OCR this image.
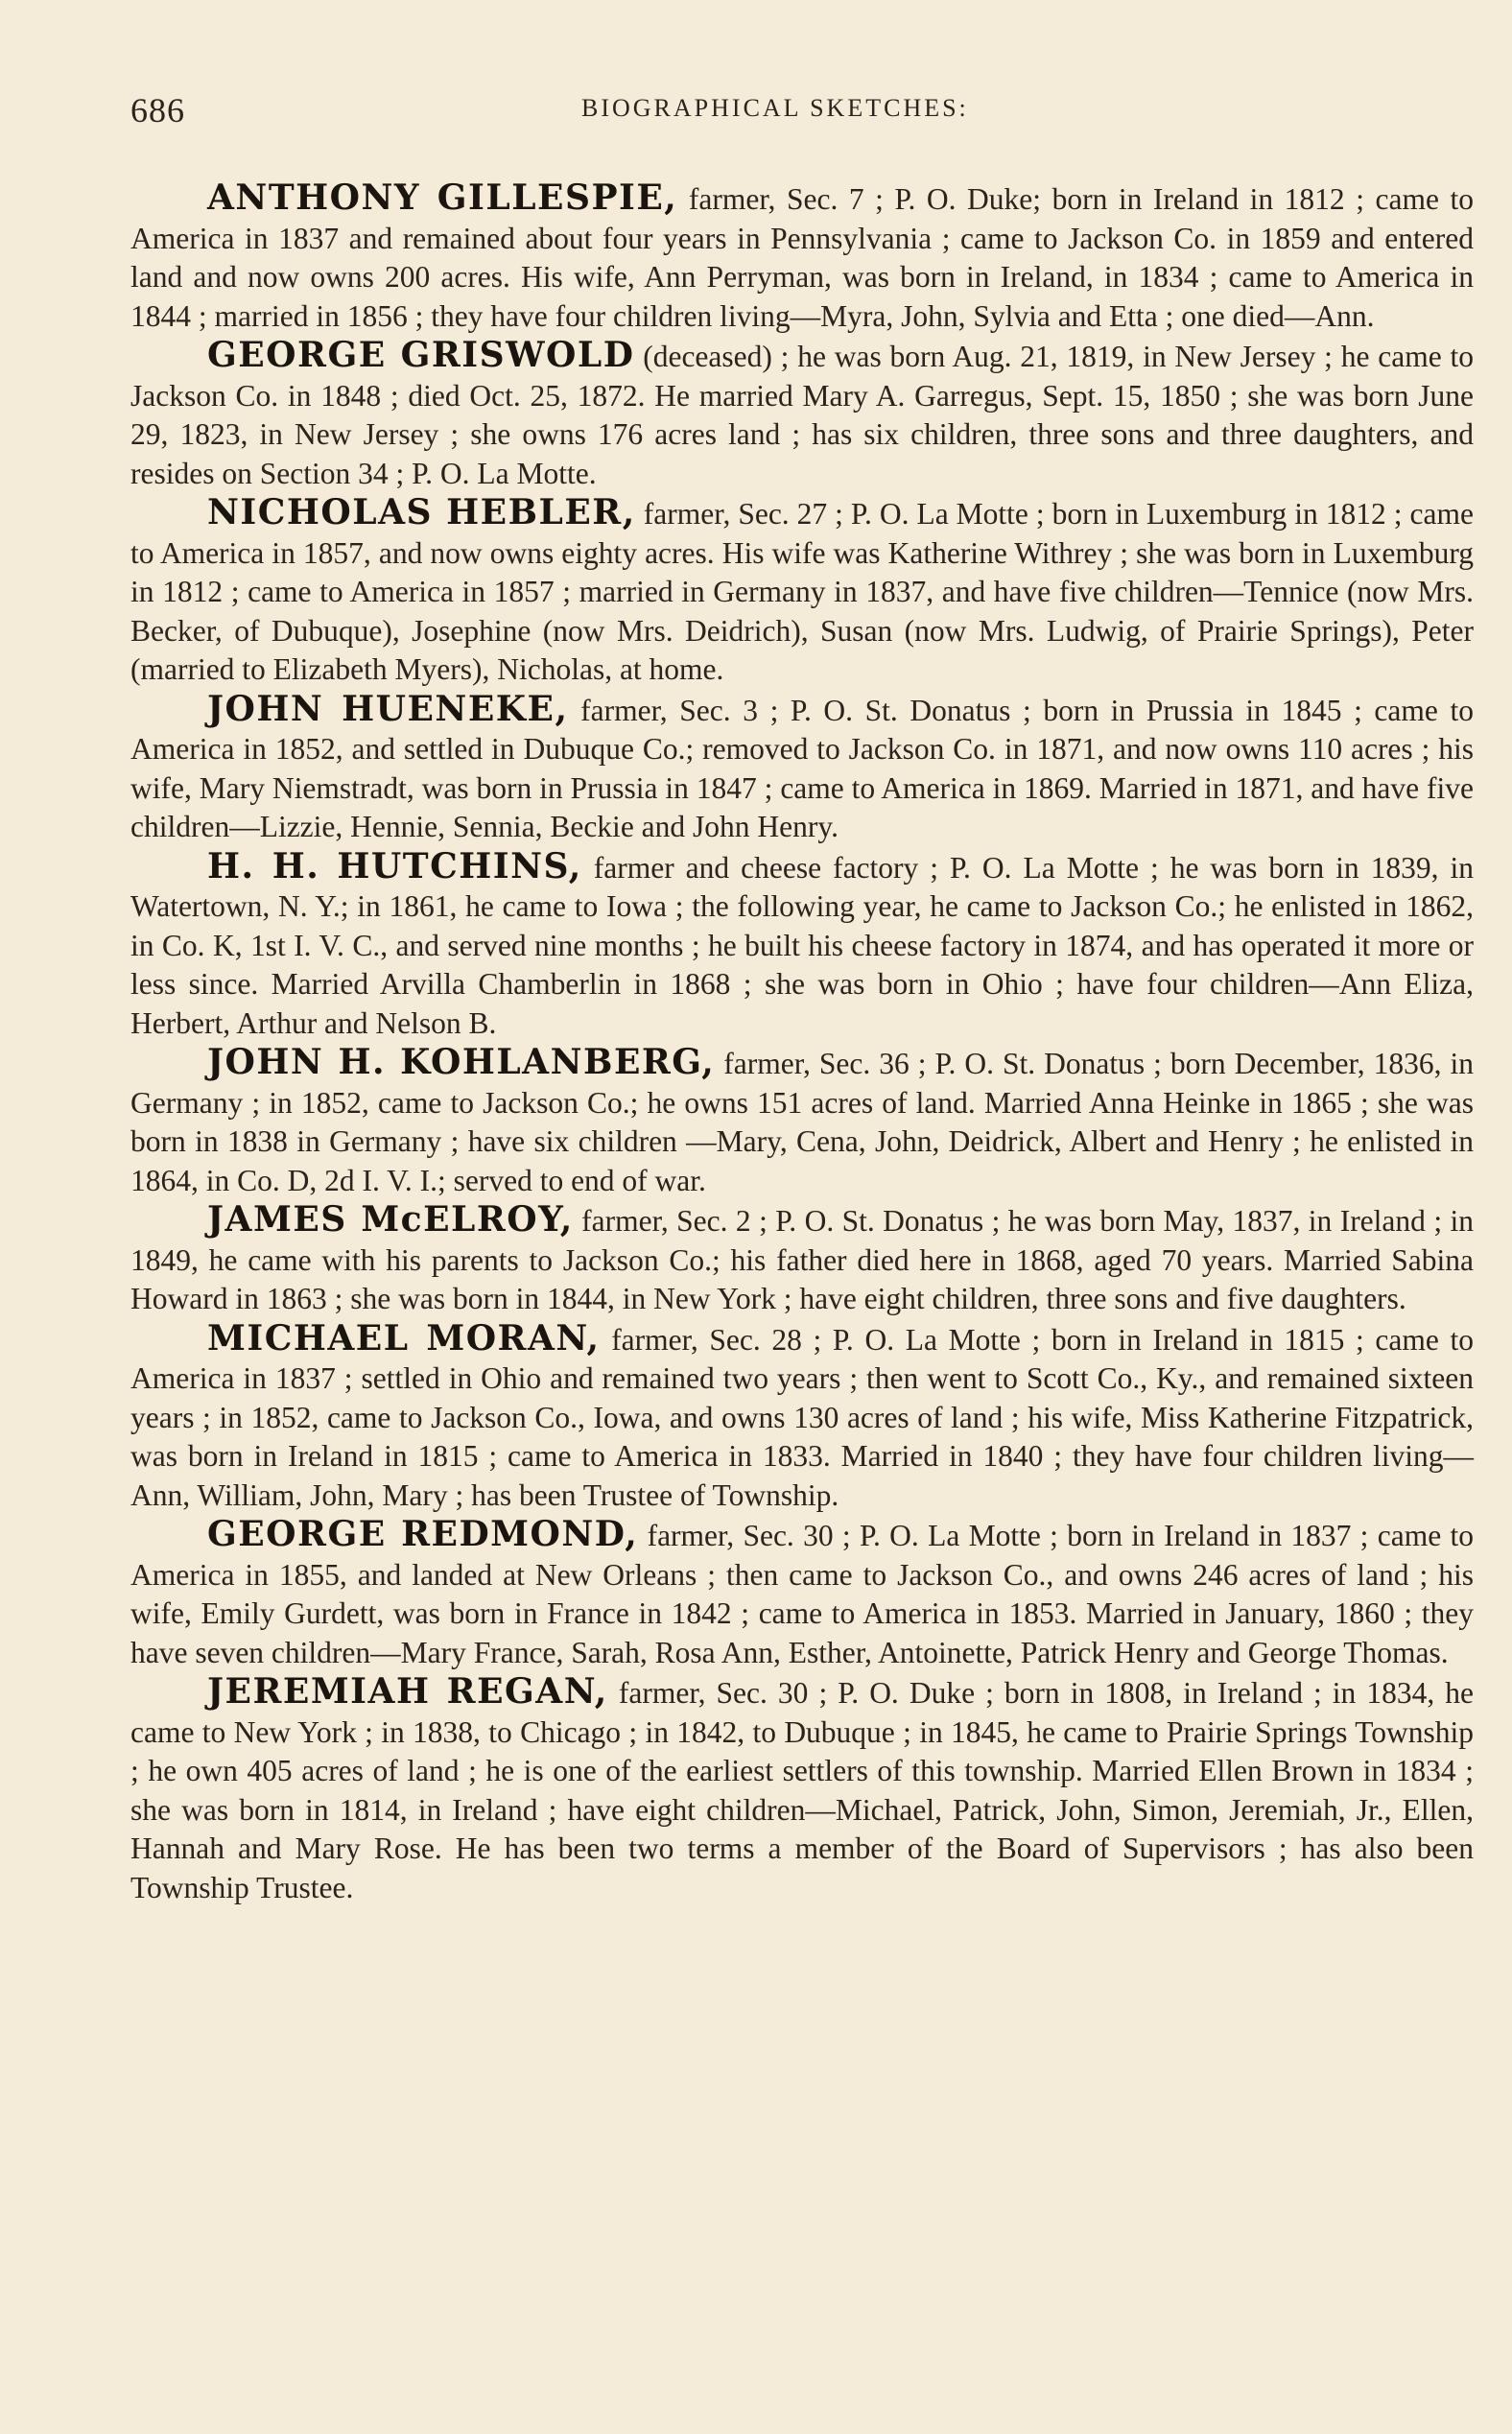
686	BIOGRAPHICAL SKETCHES:

ANTHONY GILLESPIE, farmer, Sec. 7 ; P. O. Duke; born in Ireland in 1812 ; came to America in 1837 and remained about four years in Pennsylvania ; came to Jackson Co. in 1859 and entered land and now owns 200 acres. His wife, Ann Perryman, was born in Ireland, in 1834 ; came to America in 1844 ; married in 1856 ; they have four children living—Myra, John, Sylvia and Etta ; one died—Ann.

GEORGE GRISWOLD (deceased) ; he was born Aug. 21, 1819, in New Jersey ; he came to Jackson Co. in 1848 ; died Oct. 25, 1872. He married Mary A. Garregus, Sept. 15, 1850 ; she was born June 29, 1823, in New Jersey ; she owns 176 acres land ; has six children, three sons and three daughters, and resides on Section 34 ; P. O. La Motte.

NICHOLAS HEBLER, farmer, Sec. 27 ; P. O. La Motte ; born in Luxemburg in 1812 ; came to America in 1857, and now owns eighty acres. His wife was Katherine Withrey ; she was born in Luxemburg in 1812 ; came to America in 1857 ; married in Germany in 1837, and have five children—Tennice (now Mrs. Becker, of Dubuque), Josephine (now Mrs. Deidrich), Susan (now Mrs. Ludwig, of Prairie Springs), Peter (married to Elizabeth Myers), Nicholas, at home.

JOHN HUENEKE, farmer, Sec. 3 ; P. O. St. Donatus ; born in Prussia in 1845 ; came to America in 1852, and settled in Dubuque Co.; removed to Jackson Co. in 1871, and now owns 110 acres ; his wife, Mary Niemstradt, was born in Prussia in 1847 ; came to America in 1869. Married in 1871, and have five children—Lizzie, Hennie, Sennia, Beckie and John Henry.

H. H. HUTCHINS, farmer and cheese factory ; P. O. La Motte ; he was born in 1839, in Watertown, N. Y.; in 1861, he came to Iowa ; the following year, he came to Jackson Co.; he enlisted in 1862, in Co. K, 1st I. V. C., and served nine months ; he built his cheese factory in 1874, and has operated it more or less since. Married Arvilla Chamberlin in 1868 ; she was born in Ohio ; have four children—Ann Eliza, Herbert, Arthur and Nelson B.

JOHN H. KOHLANBERG, farmer, Sec. 36 ; P. O. St. Donatus ; born December, 1836, in Germany ; in 1852, came to Jackson Co.; he owns 151 acres of land. Married Anna Heinke in 1865 ; she was born in 1838 in Germany ; have six children —Mary, Cena, John, Deidrick, Albert and Henry ; he enlisted in 1864, in Co. D, 2d I. V. I.; served to end of war.

JAMES McELROY, farmer, Sec. 2 ; P. O. St. Donatus ; he was born May, 1837, in Ireland ; in 1849, he came with his parents to Jackson Co.; his father died here in 1868, aged 70 years. Married Sabina Howard in 1863 ; she was born in 1844, in New York ; have eight children, three sons and five daughters.

MICHAEL MORAN, farmer, Sec. 28 ; P. O. La Motte ; born in Ireland in 1815 ; came to America in 1837 ; settled in Ohio and remained two years ; then went to Scott Co., Ky., and remained sixteen years ; in 1852, came to Jackson Co., Iowa, and owns 130 acres of land ; his wife, Miss Katherine Fitzpatrick, was born in Ireland in 1815 ; came to America in 1833. Married in 1840 ; they have four children living—Ann, William, John, Mary ; has been Trustee of Township.

GEORGE REDMOND, farmer, Sec. 30 ; P. O. La Motte ; born in Ireland in 1837 ; came to America in 1855, and landed at New Orleans ; then came to Jackson Co., and owns 246 acres of land ; his wife, Emily Gurdett, was born in France in 1842 ; came to America in 1853. Married in January, 1860 ; they have seven children—Mary France, Sarah, Rosa Ann, Esther, Antoinette, Patrick Henry and George Thomas.

JEREMIAH REGAN, farmer, Sec. 30 ; P. O. Duke ; born in 1808, in Ireland ; in 1834, he came to New York ; in 1838, to Chicago ; in 1842, to Dubuque ; in 1845, he came to Prairie Springs Township ; he own 405 acres of land ; he is one of the earliest settlers of this township. Married Ellen Brown in 1834 ; she was born in 1814, in Ireland ; have eight children—Michael, Patrick, John, Simon, Jeremiah, Jr., Ellen, Hannah and Mary Rose. He has been two terms a member of the Board of Supervisors ; has also been Township Trustee.
